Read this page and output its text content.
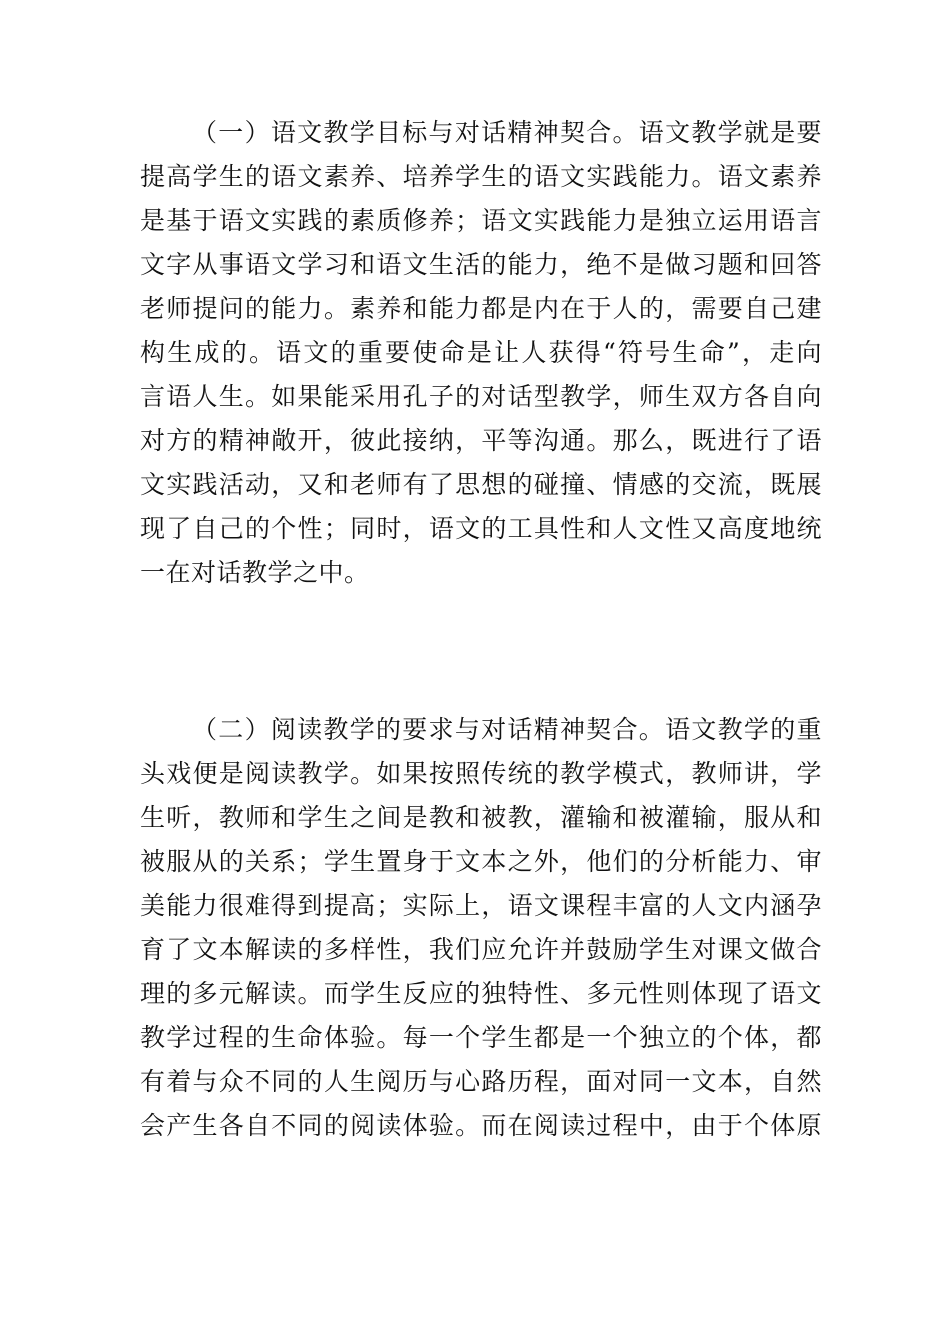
（一）语文教学目标与对话精神契合。语文教学就是要
提高学生的语文素养、培养学生的语文实践能力。语文素养
是基于语文实践的素质修养；语文实践能力是独立运用语言
文字从事语文学习和语文生活的能力，绝不是做习题和回答
老师提问的能力。素养和能力都是内在于人的，需要自己建
构生成的。语文的重要使命是让人获得“符号生命”，走向
言语人生。如果能采用孔子的对话型教学，师生双方各自向
对方的精神敞开，彼此接纳，平等沟通。那么，既进行了语
文实践活动，又和老师有了思想的碰撞、情感的交流，既展
现了自己的个性；同时，语文的工具性和人文性又高度地统
一在对话教学之中。
（二）阅读教学的要求与对话精神契合。语文教学的重
头戏便是阅读教学。如果按照传统的教学模式，教师讲，学
生听，教师和学生之间是教和被教，灌输和被灌输，服从和
被服从的关系；学生置身于文本之外，他们的分析能力、审
美能力很难得到提高；实际上，语文课程丰富的人文内涵孕
育了文本解读的多样性，我们应允许并鼓励学生对课文做合
理的多元解读。而学生反应的独特性、多元性则体现了语文
教学过程的生命体验。每一个学生都是一个独立的个体，都
有着与众不同的人生阅历与心路历程，面对同一文本，自然
会产生各自不同的阅读体验。而在阅读过程中，由于个体原
